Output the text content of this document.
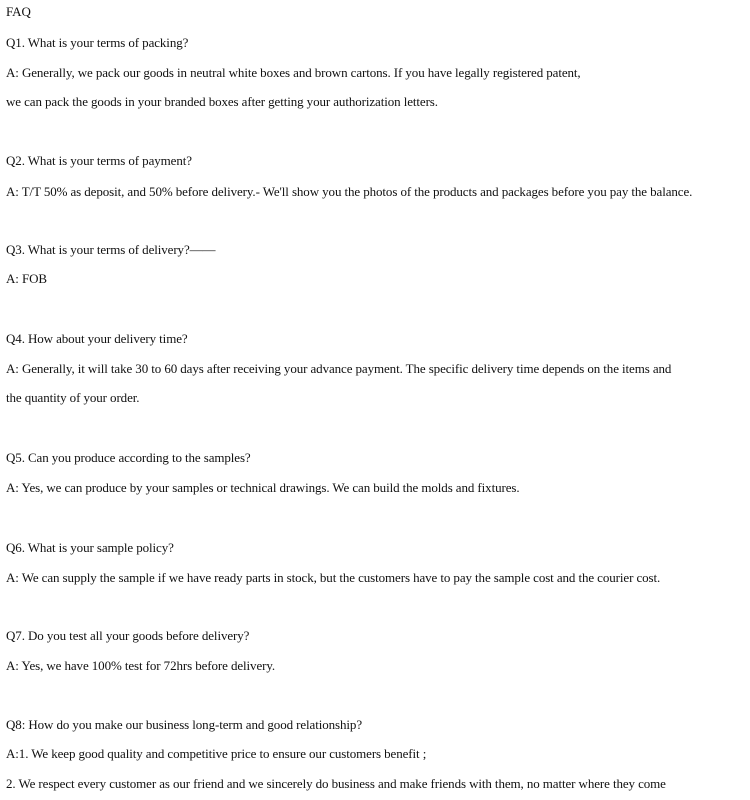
FAQ
Q1. What is your terms of packing?
A: Generally, we pack our goods in neutral white boxes and brown cartons. If you have legally registered patent,
we can pack the goods in your branded boxes after getting your authorization letters.
Q2. What is your terms of payment?
A: T/T 50% as deposit, and 50% before delivery.- We'll show you the photos of the products and packages before you pay the balance.
Q3. What is your terms of delivery?——
A: FOB
Q4. How about your delivery time?
A: Generally, it will take 30 to 60 days after receiving your advance payment. The specific delivery time depends on the items and
the quantity of your order.
Q5. Can you produce according to the samples?
A: Yes, we can produce by your samples or technical drawings. We can build the molds and fixtures.
Q6. What is your sample policy?
A: We can supply the sample if we have ready parts in stock, but the customers have to pay the sample cost and the courier cost.
Q7. Do you test all your goods before delivery?
A: Yes, we have 100% test for 72hrs before delivery.
Q8: How do you make our business long-term and good relationship?
A:1. We keep good quality and competitive price to ensure our customers benefit ;
2. We respect every customer as our friend and we sincerely do business and make friends with them, no matter where they come
